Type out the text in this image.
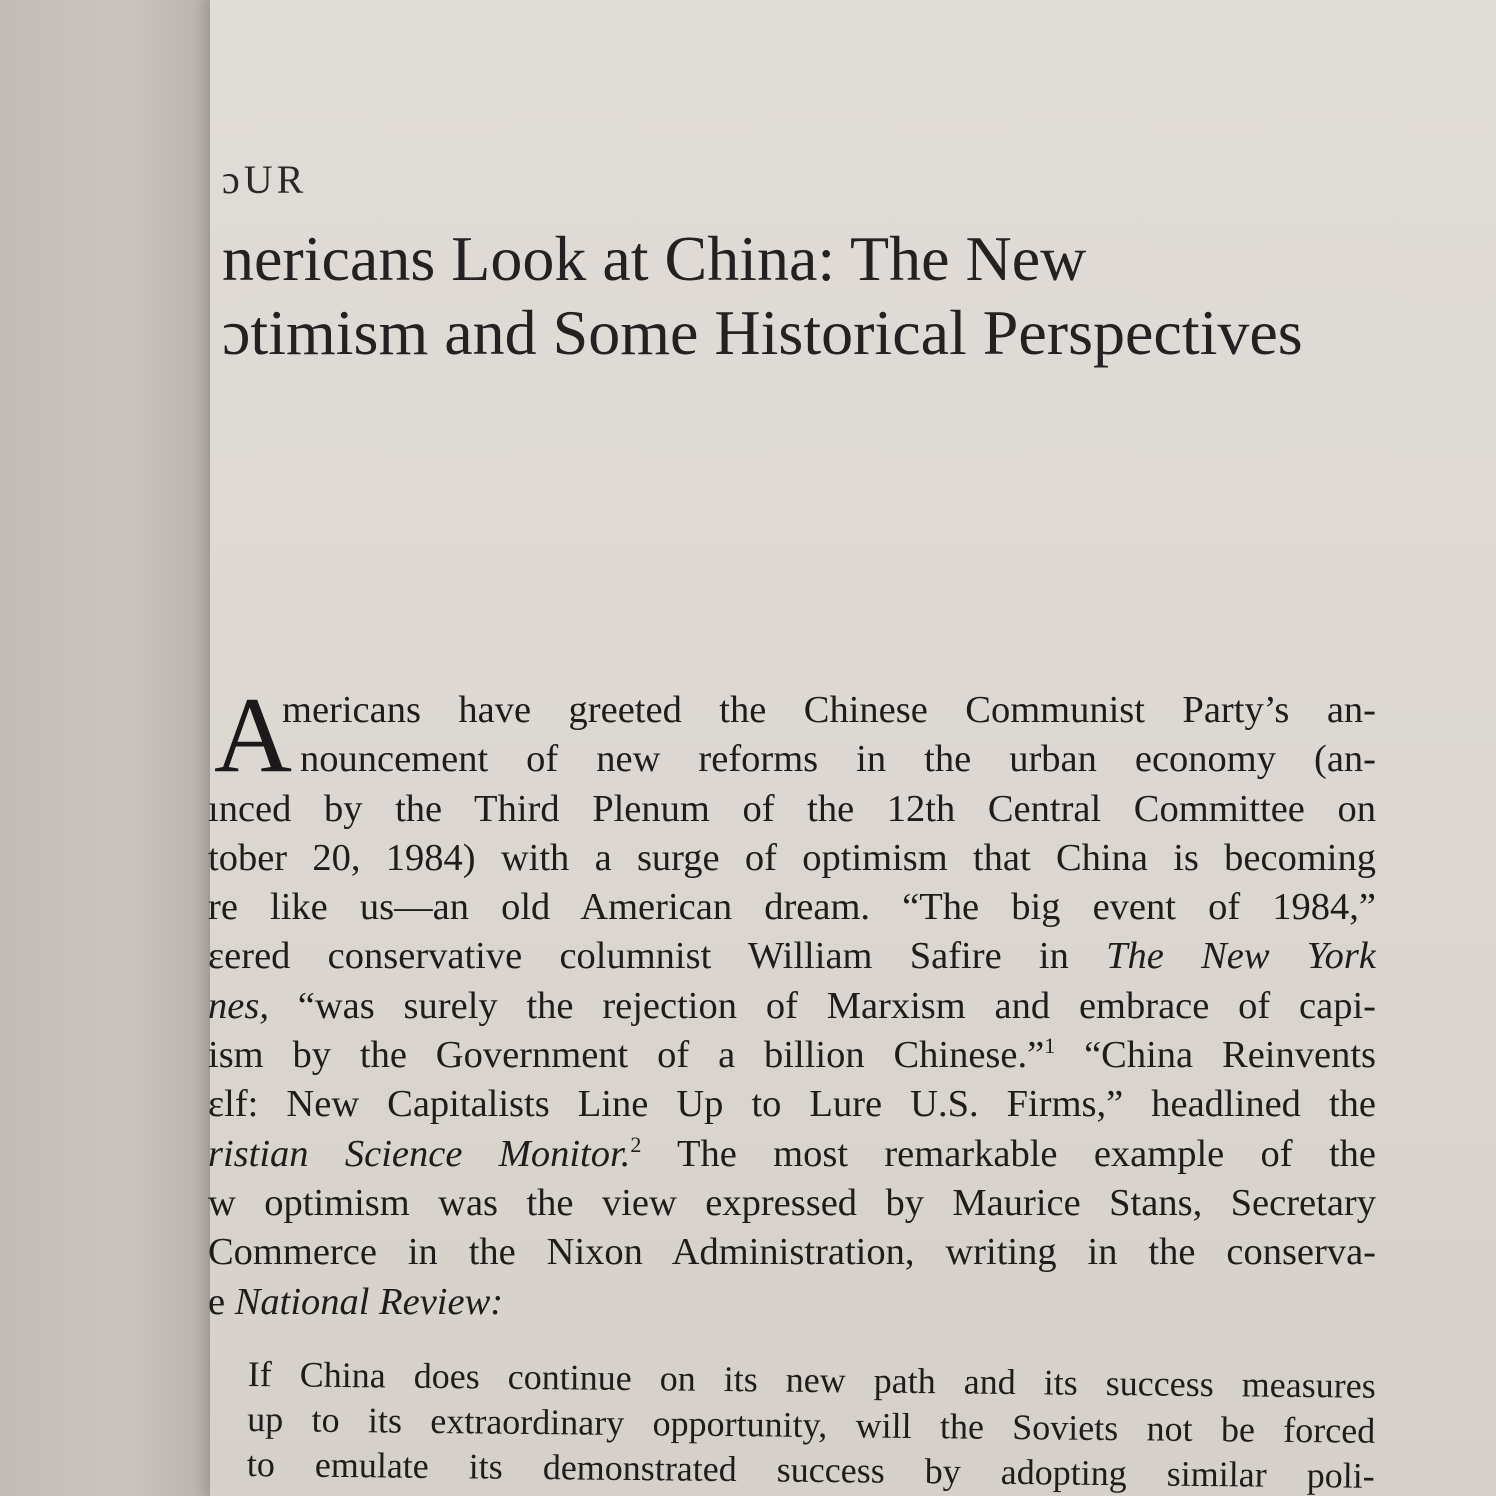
ɔUR
nericans Look at China: The New
ɔtimism and Some Historical Perspectives
A
mericans have greeted the Chinese Communist Party’s an-
nouncement of new reforms in the urban economy (an-
ınced by the Third Plenum of the 12th Central Committee on
tober 20, 1984) with a surge of optimism that China is becoming
re like us—an old American dream. “The big event of 1984,”
ɛered conservative columnist William Safire in The New York
nes, “was surely the rejection of Marxism and embrace of capi-
ism by the Government of a billion Chinese.”$^1$ “China Reinvents
ɛlf: New Capitalists Line Up to Lure U.S. Firms,” headlined the
ristian Science Monitor.$^2$ The most remarkable example of the
w optimism was the view expressed by Maurice Stans, Secretary
Commerce in the Nixon Administration, writing in the conserva-
e National Review:
If China does continue on its new path and its success measures
up to its extraordinary opportunity, will the Soviets not be forced
to emulate its demonstrated success by adopting similar poli-
